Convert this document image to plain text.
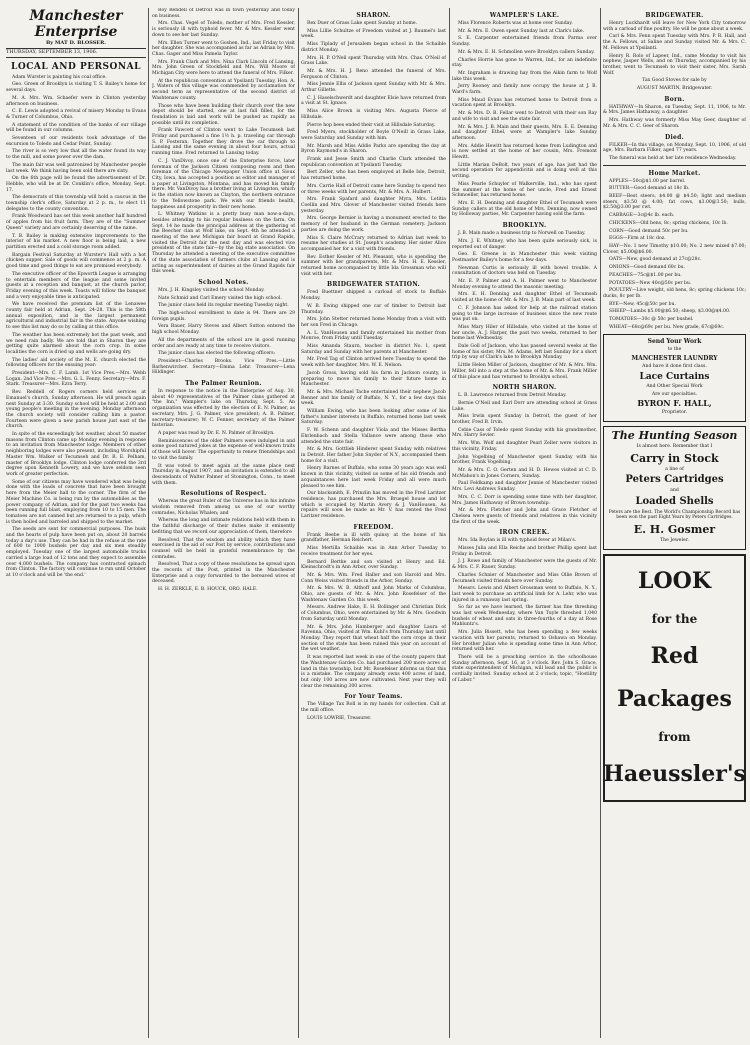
Manchester Enterprise
By MAT D. BLOSSER.
THURSDAY, SEPTEMBER 13, 1906.
LOCAL AND PERSONAL

Adam Wurster is painting his coal office.

Geo. Green of Brooklyn is visiting T. S. Bailey's home for several days.

M. A. Mrs. Wm. Schaefer were in Clinton yesterday afternoon on business.

C. E. Lewis adopted a revival of misery Monday to Evans & Turner of Columbus, Ohio.

A statement of the condition of the banks of our village will be found in our columns.

Seventeen of our residents took advantage of the excursion to Toledo and Cedar Point, Sunday.

The river is so very low that all the water found its way to the mill, and some power over the dam.

The main fair was well patronized by Manchester people last week. We think having been sold there are sixty.

On the 6th page will be found the advertisement of Dr. Hebble, who will be at Dr. Conklin's office, Monday, Sept. 17.

The democrats of this township will hold a caucus in the township clerk's office, Saturday at 2 p. m., to elect 11 delegates to the county convention.

Frank Woodward has set this week another half hundred of apples from his fruit farm. They are of the "Summer Queen" variety and are certainly deserving of the name.

T. B. Bailey is making extensive improvements to the interior of his market. A new floor is being laid, a new partition erected and a cold storage room added.

Bargain Festival Saturday at Wurster's Hall with a hot chicken supper. Sale of goods will commence at 2 p. m. A good time and good things to eat are promised everybody.

The executive officer of the Epworth League is arranging to entertain members of the league and some invited guests at a reception and banquet, at the church parlor, Friday evening of this week. Toasts will follow the banquet and a very enjoyable time is anticipated.

We have received the premium list of the Lenawee county fair held at Adrian, Sept. 24-28. This is the 58th annual exposition, and is the largest permanent agricultural and industrial fair in the state. Anyone wishing to see this list may do so by calling at this office.

The weather has been extremely hot the past week, and we need rain badly. We are told that in Sharon they are getting quite alarmed about the corn crop. In some localities the corn is dried up and wells are going dry.

The ladies' aid society of the M. E. church elected the following officers for the ensuing year:

President—Mrs. C. F. Lamb. 1st Vice Pres.—Mrs. Webb Logan. 2nd Vice Pres.—Mrs. G. L. Fenny. Secretary—Mrs. F. Stark. Treasurer—Mrs. Ezra Terry.

Rev. Reddell of Rogers corners held services at Emanuel's church, Sunday afternoon. He will preach again next Sunday at 3:30. Sunday school will be held at 2:00 and young people's meeting in the evening. Monday afternoon the church society will consider calling him a pastor. Fourteen were given a new parish house just east of the church.

In spite of the exceedingly hot weather, about 50 master masons from Clinton came up Monday evening in response to an invitation from Manchester lodge. Members of other neighboring lodges were also present, including Worshipful Master Wm. Walker of Tecumseh and Dr. R. E. Pelham, master of Brooklyn lodge. Clinton lodge conferred the 3rd degree upon Kenneth Lowery, and we have seldom seen work of greater perfection.

Some of our citizens may have wondered what was being done with the loads of concrete that have been brought here from the Meier hall to the corner. The firm of the Meier Machine Co. is being run by the automobiles as the power company of Adrian, and for the past two weeks has been running full blast, employing from 10 to 15 men. The tomatoes are not canned but are returned to a pulp, which is then boiled and barreled and shipped to the market.

The seeds are sent for commercial purposes. The husk and the hearts of pulp have been put on, about 20 barrels today a day's use. They can be had in the refuse at the rate of 600 to 1000 bushels per day and six men steadily employed. Tuesday one of the largest automobile trucks carried a large load of 12 tons and they expect to assemble over 4,000 bushels. The company has contracted spinach from Clinton. The factory will continue to run until October at 10 o'clock and will be 'the end.'

Roy Rendell of Detroit was in town yesterday and today on business.

Mrs. Chas. Vogel of Toledo, mother of Mrs. Fred Kessler, is seriously ill with typhoid fever. Mr. & Mrs. Kessler went down to see her last Sunday.

Mrs. Ellen Turner went to Goshen, Ind., last Friday to visit her daughter. She was accompanied as far as Adrian by Mrs. Chas. Gager and Miss Pamela Taylor.

Mrs. Frank Clark and Mrs. Nina Clark Lincoln of Lansing, Mrs. John Green of Stockfield and Mrs. Will Moore of Michigan City were here to attend the funeral of Mrs. Filker.

At the republican convention at Ypsilanti Tuesday, Hon. A. J. Waters of this village was commended by acclamation for second term as representative of the second district of Washtenaw county.

Those who have been building their church over the new depot should be started, one at last fall filled, for the foundation is laid and work will be pushed as rapidly as possible until its completion.

Frank Fawcett of Clinton went to Lake Tecumseh last Friday and purchased a fine 1½ h. p. traveling car through S. P. Fosteran. Together they drove the car through to Lansing and the same evening in about four hours, actual running time. Fred returned to Lansing today.

C. J. VanDivoy, once one of the Enterprise force, later foreman of the Jackson Citizen composing room and then foreman of the Chicago Newspaper Union office at Sioux City, Iowa, has accepted a position as editor and manager of a paper at Livingston, Montana, and has moved his family there. Mr. VanDivoy has a brother living at Livingston, which is the station now known as Clayton, the northern entrance to the Yellowstone park. We wish our friends health, happiness and prosperity in their new home.

L. Whitney Watkins is a pretty busy man now-a-days, besides attending to his regular business on the farm. On Sept. 14 he made the principal address at the gathering of the Beecher clan at Wolf lake, on Sept. 4th he attended a meeting of the new Michigan fair board at Grand Rapids, visited the Detroit fair the next day and was elected vice president of the state fair—by the big state association. On Thursday he attended a meeting of the executive committee of the state association of farmers clubs at Lansing and is acting as superintendent of dairies at the Grand Rapids fair this week.

School Notes.

Mrs. J. H. Kingsley visited the school Monday.

Nate Schmid and Carl Emery visited the high school.

The junior class held its regular meeting Tuesday night.

The high-school enrollment to date is 94. There are 29 foreign pupils.

Vera Bauer, Harry Steves and Albert Sutton entered the high school Monday.

All the departments of the school are in good running order and are ready at any time to receive visitors.

The junior class has elected the following officers:

President—Charles Brooks. Vice Pres.—Little Barhenwircher. Secretary—Emma Lehr. Treasurer—Lena Hildinger.

The Palmer Reunion.

In response to the notice in the Enterprise of Aug. 30, about 40 representatives of the Palmer clans gathered at "the Inn," Wampler's lake on Thursday, Sept. 5. An organization was effected by the election of E. N. Palmer, as secretary, Mrs. J. G. Palmer, vice president; A. B. Palmer, secretary-treasurer; W. C. Fenner, secretary of the Palmer historian.

A paper was read by Dr. E. N. Palmer of Brooklyn.

Reminiscences of the older Palmers were indulged in and some good natured jokes at the expense of well-known traits of those will hover. The opportunity to renew friendships and to visit the family.

It was voted to meet again at the same place next Thursday in August 1907, and an invitation is extended to all descendants of Walter Palmer of Stonington, Conn., to meet with them.

Resolutions of Respect.

Whereas the great Ruler of the Universe has in his infinite wisdom removed from among us one of our worthy comrades, Nicholas Whalen; and

Whereas the long and intimate relations held with them in the faithful discharge of their duties make it eminently befitting that we record our appreciation of them, therefore

Resolved, That the wisdom and ability which they have exercised in the aid of our Post by service, contributions and counsel will be held in grateful remembrance by the comrades.

Resolved, That a copy of these resolutions be spread upon the records of the Post, printed in the Manchester Enterprise and a copy forwarded to the bereaved wives of deceased.

H. H. ZERKLE, E. B. HOUCK, ORO. HALE.

SHARON.

Rex Duer of Grass Lake spent Sunday at home.

Miss Lillie Schultze of Freedom visited at J. Baumel's last week.

Miss Tiplady of Jerusalem began school in the Schaible district Monday.

Mrs. H. P. O'Neil spent Thursday with Mrs. Chas. O'Neil of Grass Lake.

Mr. & Mrs. H. J. Reno attended the funeral of Mrs. Ferguson of Clinton.

Miss Jennie Ellis of Jackson spent Sunday with Mr. & Mrs. Arthur Gillette.

C. J. Haselschwerdt and daughter Elsie have returned from a visit at St. Ignace.

Miss Alice Brown is visiting Mrs. Augusta Pierce of Hillsdale.

Pierce hop bees ended their visit at Hillsdale Saturday.

Fred Myers, stockholder of Boyle O'Neill in Grass Lake, were Saturday and Sunday with him.

Mr. Marsh and Miss Addie Parks are spending the day at Byron Raymond's in Sharon.

Frank and Jesse Smith and Charlie Clark attended the republican convention at Ypsilanti Tuesday.

Bert Zeller, who has been employed at Belle Isle, Detroit, has returned home.

Mrs. Carrie Hall of Detroit came here Sunday to spend two or three weeks with her parents, Mr. & Mrs. A. Hulbert.

Mrs. Frank Spafard and daughter Myra, Mrs. Letitia Coellin and Mrs. Glover of Manchester visited friends here yesterday.

Mrs. George Bernier is having a monument erected to the memory of her husband in the German cemetery. Jackson parties are doing the work.

Miss S. Claire McCrary returned to Adrian last week to resume her studies at St. Joseph's academy. Her sister Alice accompanied her for a visit with friends.

Rev. Esther Kessler of Mt. Pleasant, who is spending the summer with her grandparents, Mr. & Mrs. H. E. Kessler, returned home accompanied by little Ida Grossman who will visit with her.

BRIDGEWATER STATION.

Fred Buettner shipped a carload of stock to Buffalo Monday.

W. B. Ewing shipped one car of timber to Detroit last Thursday.

Mrs. John Stetter returned home Monday from a visit with her son Fred in Chicago.

A. L. VanHousen and family entertained his mother from Monroe, from Friday until Tuesday.

Miss Amanda Staurn, teacher in district No. 1, spent Saturday and Sunday with her parents at Manchester.

Mr. Fred Tag of Clinton arrived here Tuesday to spend the week with her daughter, Mrs. W. E. Nelson.

Jacob Gross, having sold his farm in Jackson county, is preparing to move his family to their future home in Manchester.

Mr. & Mrs. Michael Tache entertained their nephew Jacob Renner and his family of Buffalo, N. Y., for a few days this week.

William Ewing, who has been looking after some of his father's lumber interests in Buffalo, returned home last week Saturday.

F. W. Schenn and daughter Viola and the Misses Bertha Ehrlenbach and Stella Vallance were among those who attended the state fair.

Mr. & Mrs. Gottlieb Hinderer spent Sunday with relatives in Detroit. Her father John Snyder of N.Y., accompanied them home for a visit.

Henry Barnes of Buffalo, who some 30 years ago was well known in this vicinity, visited us some of his old friends and acquaintances here last week Friday and all were much pleased to see him.

Our blacksmith, E. Prinzlin has moved in the Fred Laritzer residence, has purchased the Mrs. Bruegel house and lot which is occupied by Martin Avery & J. VanHousen. As repairs will soon be made as Mr. V. has rented the Fred Laritzer residence.

FREEDOM.

Frank Beebe is ill with quinsy at the home of his grandfather, Herman Reichert.

Miss Mertilla Schaible was in Ann Arbor Tuesday to receive treatment for her eyes.

Bernard Bertke and son visited at Henry and Ed. Kleinschrodt's in Ann Arbor, over Sunday.

Mr. & Mrs. Wm. Fred Haller and son Harold and Mrs. Conn Weiss visited friends in the Arbor, Sunday.

Mr. & Mrs. W. B. Althoff and John Marks of Columbus, Ohio, are guests of Mr. & Mrs. John Rosefelser of the Washtenaw Garden Co. this week.

Messrs. Andrew Hake, E. H. Bollinger and Christian Dick of Columbus, Ohio, were entertained by Mr. & Mrs. Goodwin from Saturday until Monday.

Mr. & Mrs. John Hamberger and daughter Laura of Ravenna, Ohio, visited at Wm. Kuhl's from Thursday last until Monday. They report that wheat half the corn crops in their section of the state has been ruined this year on account of the wet weather.

It was reported last week in one of the county papers that the Washtenaw Garden Co. had purchased 200 more acres of land in this township, but Mr. Rosefelser informs us that this is a mistake. The company already owns 400 acres of land, but only 100 acres are now cultivated. Next year they will clear the remaining 300 acres.

For Your Teams.

The Village Tax Roll is in my hands for collection. Call at the mill office.

LOUIS LOWRIE, Treasurer.

WAMPLER'S LAKE.

Miss Florence Roberts was at home over Sunday.

Mr. & Mrs. E. Owen spent Sunday last at Clark's lake.

S. E. Carpenter entertained friends from Parma over Sunday.

Mr. & Mrs. E. H. Schmollen were Brooklyn callers Sunday.

Charles Horrie has gone to Warren, Ind., for an indefinite stay.

Mr. Ingraham is drawing hay from the Aikin farm to Wolf lake this week.

Jerry Rooney and family now occupy the house at J. B. Ward's farm.

Miss Maud Evans has returned home to Detroit from a vacation spent at Brooklyn.

Mr. & Mrs. D. B. Fellar went to Detroit with their son Ray and wife to visit and see the state fair.

Mr. & Mrs. J. B. Main and their guests, Mrs. E. E. Denning and daughter Ethel, were at Wampler's lake Sunday afternoon.

Mrs. Addie Hewitt has returned home from Ludington and is now settled at the home of her cousin, Mrs. Fremont Hewitt.

Little Marian DeBolt, two years of age, has just had the second operation for appendicitis and is doing well at this writing.

Miss Pearle Schuyler of Walkerville, Ind., who has spent the summer at the home of her uncle, Fred and Ernest Schmoeller, has returned home.

Mrs. E. H. Denning and daughter Ethel of Tecumseh were Sunday callers at the old home of Mrs. Denning, now owned by Holloway parties, Mr. Carpenter having sold the farm.

BROOKLYN.

J. B. Main made a business trip to Norwell on Tuesday.

Mrs. J. E. Whitney, who has been quite seriously sick, is reported out of danger.

Geo. E. Greene is in Manchester this week visiting Postmaster Bailey's home for a few days.

Newman Curtis is seriously ill with bowel trouble. A consultation of doctors was held on Tuesday.

Mr. E. P. Palmer and A. H. Palmer went to Manchester Monday evening to attend the masonic meeting.

Mrs. E. H. Denning and daughter Ethel of Tecumseh visited at the home of Mr. & Mrs. J. B. Main part of last week.

C. F. Johnson has asked for help at the railroad station going to the large increase of business since the new route was put on.

Miss Mary Hiler of Hillsdale, who visited at the home of her uncle, A. J. Harper, the past two weeks, returned to her home last Wednesday.

Dale Goll of Jackson, who has passed several weeks at the home of his sister, Mrs. M. Adams, left last Sunday for a short trip by way of Clark's lake to Brooklyn Monday.

Little Helen Miller of Jackson, daughter of Mr. & Mrs. Wm. Miller, fell into a step at the home of Mr. & Mrs. Frank Miller of this place and has returned to Brooklyn school.

NORTH SHARON.

L. B. Lawrence returned from Detroit Monday.

Bernie O'Neil and Earl Dorr are attending school at Grass Lake.

Miss Irwin spent Sunday in Detroit, the guest of her brother, Fred B. Irvin.

Cebie Cass of Toledo spent Sunday with his grandmother, Mrs. Harry Sevier.

Mrs. Wm. Wolf and daughter Pearl Zeller were visitors in this vicinity, Friday.

John Vogelbing of Manchester spent Sunday with his brother, Frank Vogelbing.

Mr. & Mrs. C. O. Gerten and H. D. Hewes visited at C. D. McMahon's in Jones Corners, Sunday.

Paul Feldkamp and daughter Jennie of Manchester visited Mrs. Levi Andrews Sunday.

Mrs. C. C. Dorr is spending some time with her daughter, Mrs. James Hathaway of Brown township.

Mr. & Mrs. Fletcher and John and Grace Fletcher of Chelsea were guests of friends and relatives in this vicinity the first of the week.

IRON CREEK.

Mrs. Ida Boylan is ill with typhoid fever at Milan's.

Misses Julia and Ella Reiche and brother Phillip spent last Friday in Detroit.

J. J. Rowe and family of Manchester were the guests of Mr. & Mrs. C. F. Rauer, Sunday.

Charles Schnier of Manchester and Miss Ollie Brown of Tecumseh visited friends here over Sunday.

Messrs. Lewis and Albert Grossman went to Buffalo, N. Y., last week to purchase an artificial limb for A. Lehr, who was injured in a runaway last spring.

So far as we have learned, the farmer has fine threshing was last week Wednesday, where Van Tuyle threshed 1,040 bushels of wheat and oats in three-fourths of a day at Rose Mahluntz's.

Mrs. Julia Bissett, who has been spending a few weeks vacation with her parents, returned to Oshawa on Monday. Her brother Julian who is spending some time in Ann Arbor, returned with her.

There will be a preaching service in the schoolhouse Sunday afternoon, Sept. 16, at 3 o'clock. Rev. John S. Grace, state superintendent of Michigan, will lead and the public is cordially invited. Sunday school at 2 o'clock; topic, "Hostility of Labor."

BRIDGEWATER.

Henry Luckhardt will leave for New York City tomorrow with a carload of fine poultry. He will be gone about a week.

Carl & Mrs. Fenn spent Tuesday with Mrs. P. R. Hall, and the A. Fellows, at Saline and Sunday visited Mr. & Mrs. C. M. Fellows at Ypsilanti.

Henry R. Rolo of Lapeer, Ind., came Monday to visit his nephew, Jasper Wells, and on Thursday, accompanied by his brother, went to Tecumseh to visit their sister, Mrs. Sarah Wolf.

Tax Good Stoves for sale by

AUGUST MARTIN, Bridgewater.

Born.

HATHWAY—In Sharon, on Tuesday, Sept. 11, 1906, to Mr. & Mrs. James Hathaway, a daughter.

Mrs. Hathway was formerly Miss May Geer, daughter of Mr. & Mrs. C. C. Geer of Sharon.

Died.

FILKER—In this village, on Monday, Sept. 10, 1906, of old age, Mrs. Barbara Filker, aged 77 years.

The funeral was held at her late residence Wednesday.

Home Market.

APPLES—50c@$1.00 per barrel.

BUTTER—Good demand at 18c lb.

BEEF—Best steers, $4.00 @ $4.50; light and medium steers, $3.50 @ 4.00; fat cows, $3.00@3.50; bulls, $2.50@3.00 per cwt.

CABBAGE—3c@4c lb. each.

CHICKENS—Old hens, 8c; spring chickens, 10c lb.

CORN—Good demand 50c per bu.

EGGS—Firm at 18c doz.

HAY—No. 1 new Timothy $10.00; No. 2 new mixed $7.00; Clover, $5.00@$6.00.

OATS—New, good demand at 27c@28c.

ONIONS—Good demand 60c bu.

PEACHES—75c@$1.00 per bu.

POTATOES—New 40c@50c per bu.

POULTRY—Live weight, old hens, 8c; spring chickens 10c; ducks, 8c per lb.

RYE—New, 45c@50c per bu.

SHEEP—Lambs $5.00@$6.50; sheep, $3.00@$4.00.

TOMATOES—30c @ 50c per bushel.

WHEAT—68c@69c per bu. New grade, 67c@69c.

Send Your Work

to the

MANCHESTER LAUNDRY

And have it done first class.

Lace Curtains

And Other Special Work

Are our specialties.

BYRON F. HALL,

Proprietor.

The Hunting Season

Is almost here. Remember that I

Carry in Stock

a line of

Peters Cartridges

and

Loaded Shells

Peters are the Best. The World's Championship Record has been won the past Eight Years by Peters Cartridges.

E. H. Gosmer

The Jeweler.

LOOK
for the
Red
Packages
from
Haeussler's
